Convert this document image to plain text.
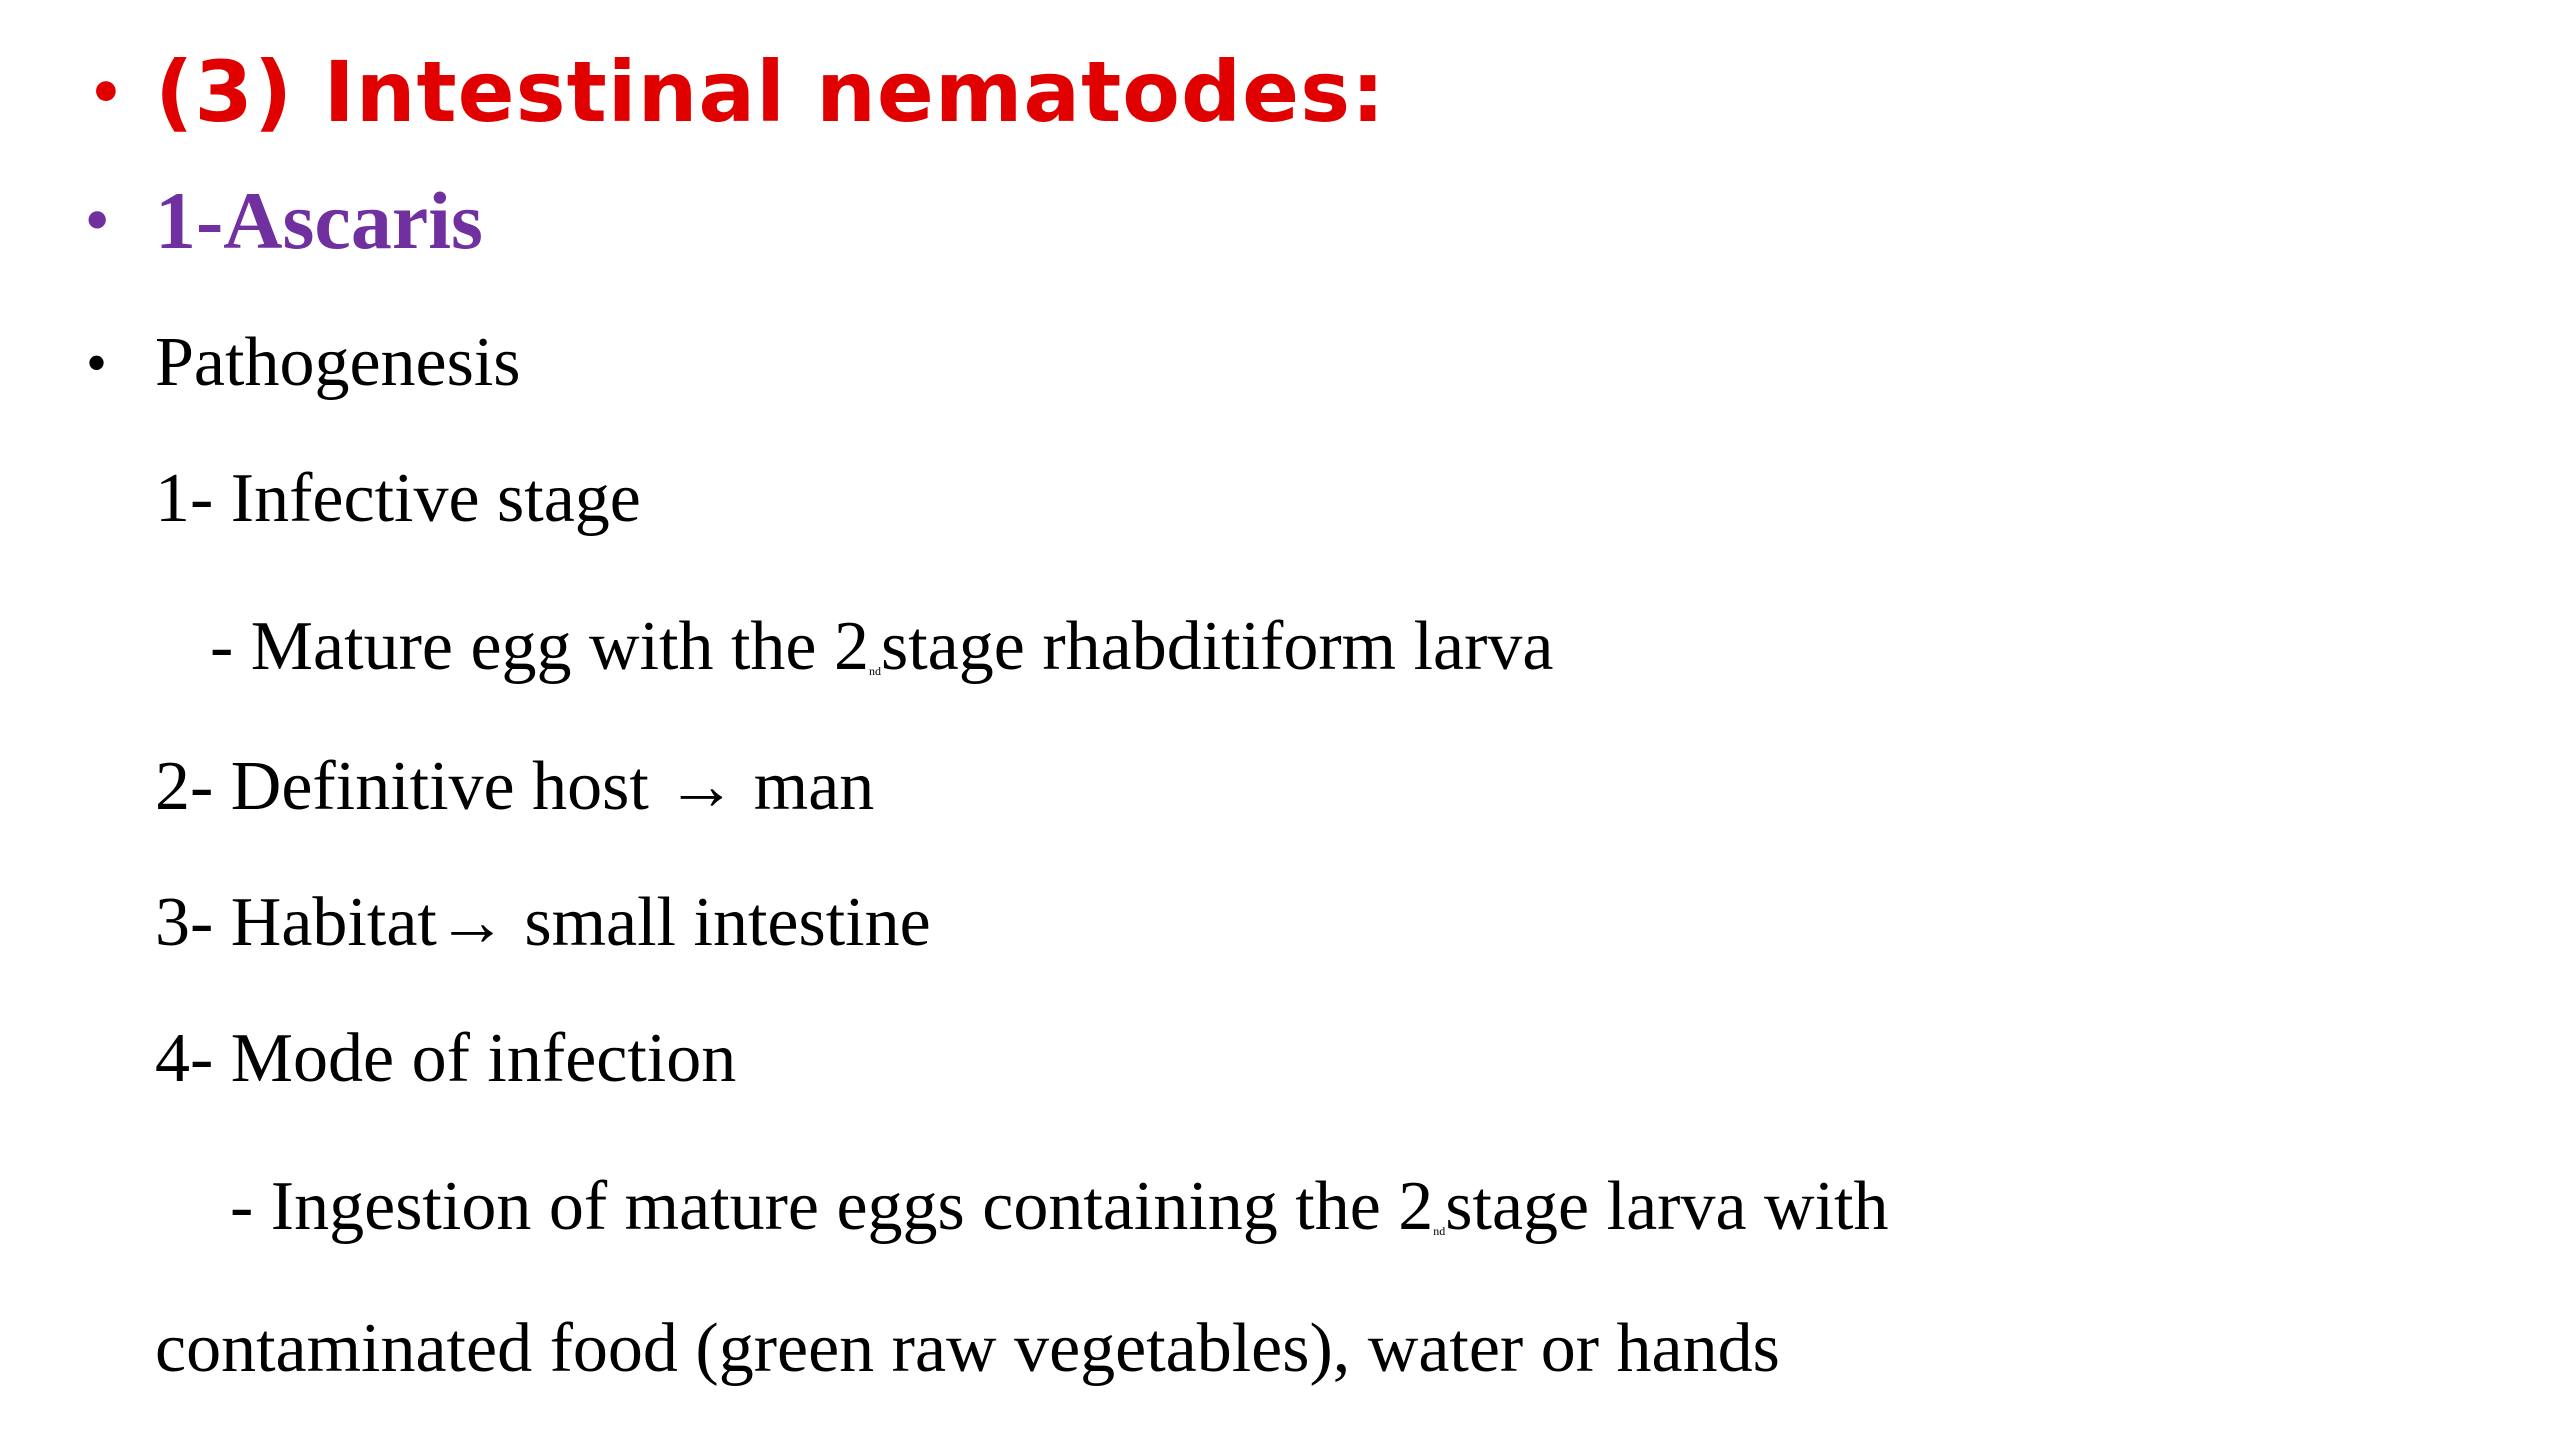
• (3) Intestinal nematodes:
• 1-Ascaris
• Pathogenesis
1- Infective stage
- Mature egg with the 2ndstage rhabditiform larva
2- Definitive host → man
3- Habitat→ small intestine
4- Mode of infection
- Ingestion of mature eggs containing the 2ndstage larva with
contaminated food (green raw vegetables), water or hands
